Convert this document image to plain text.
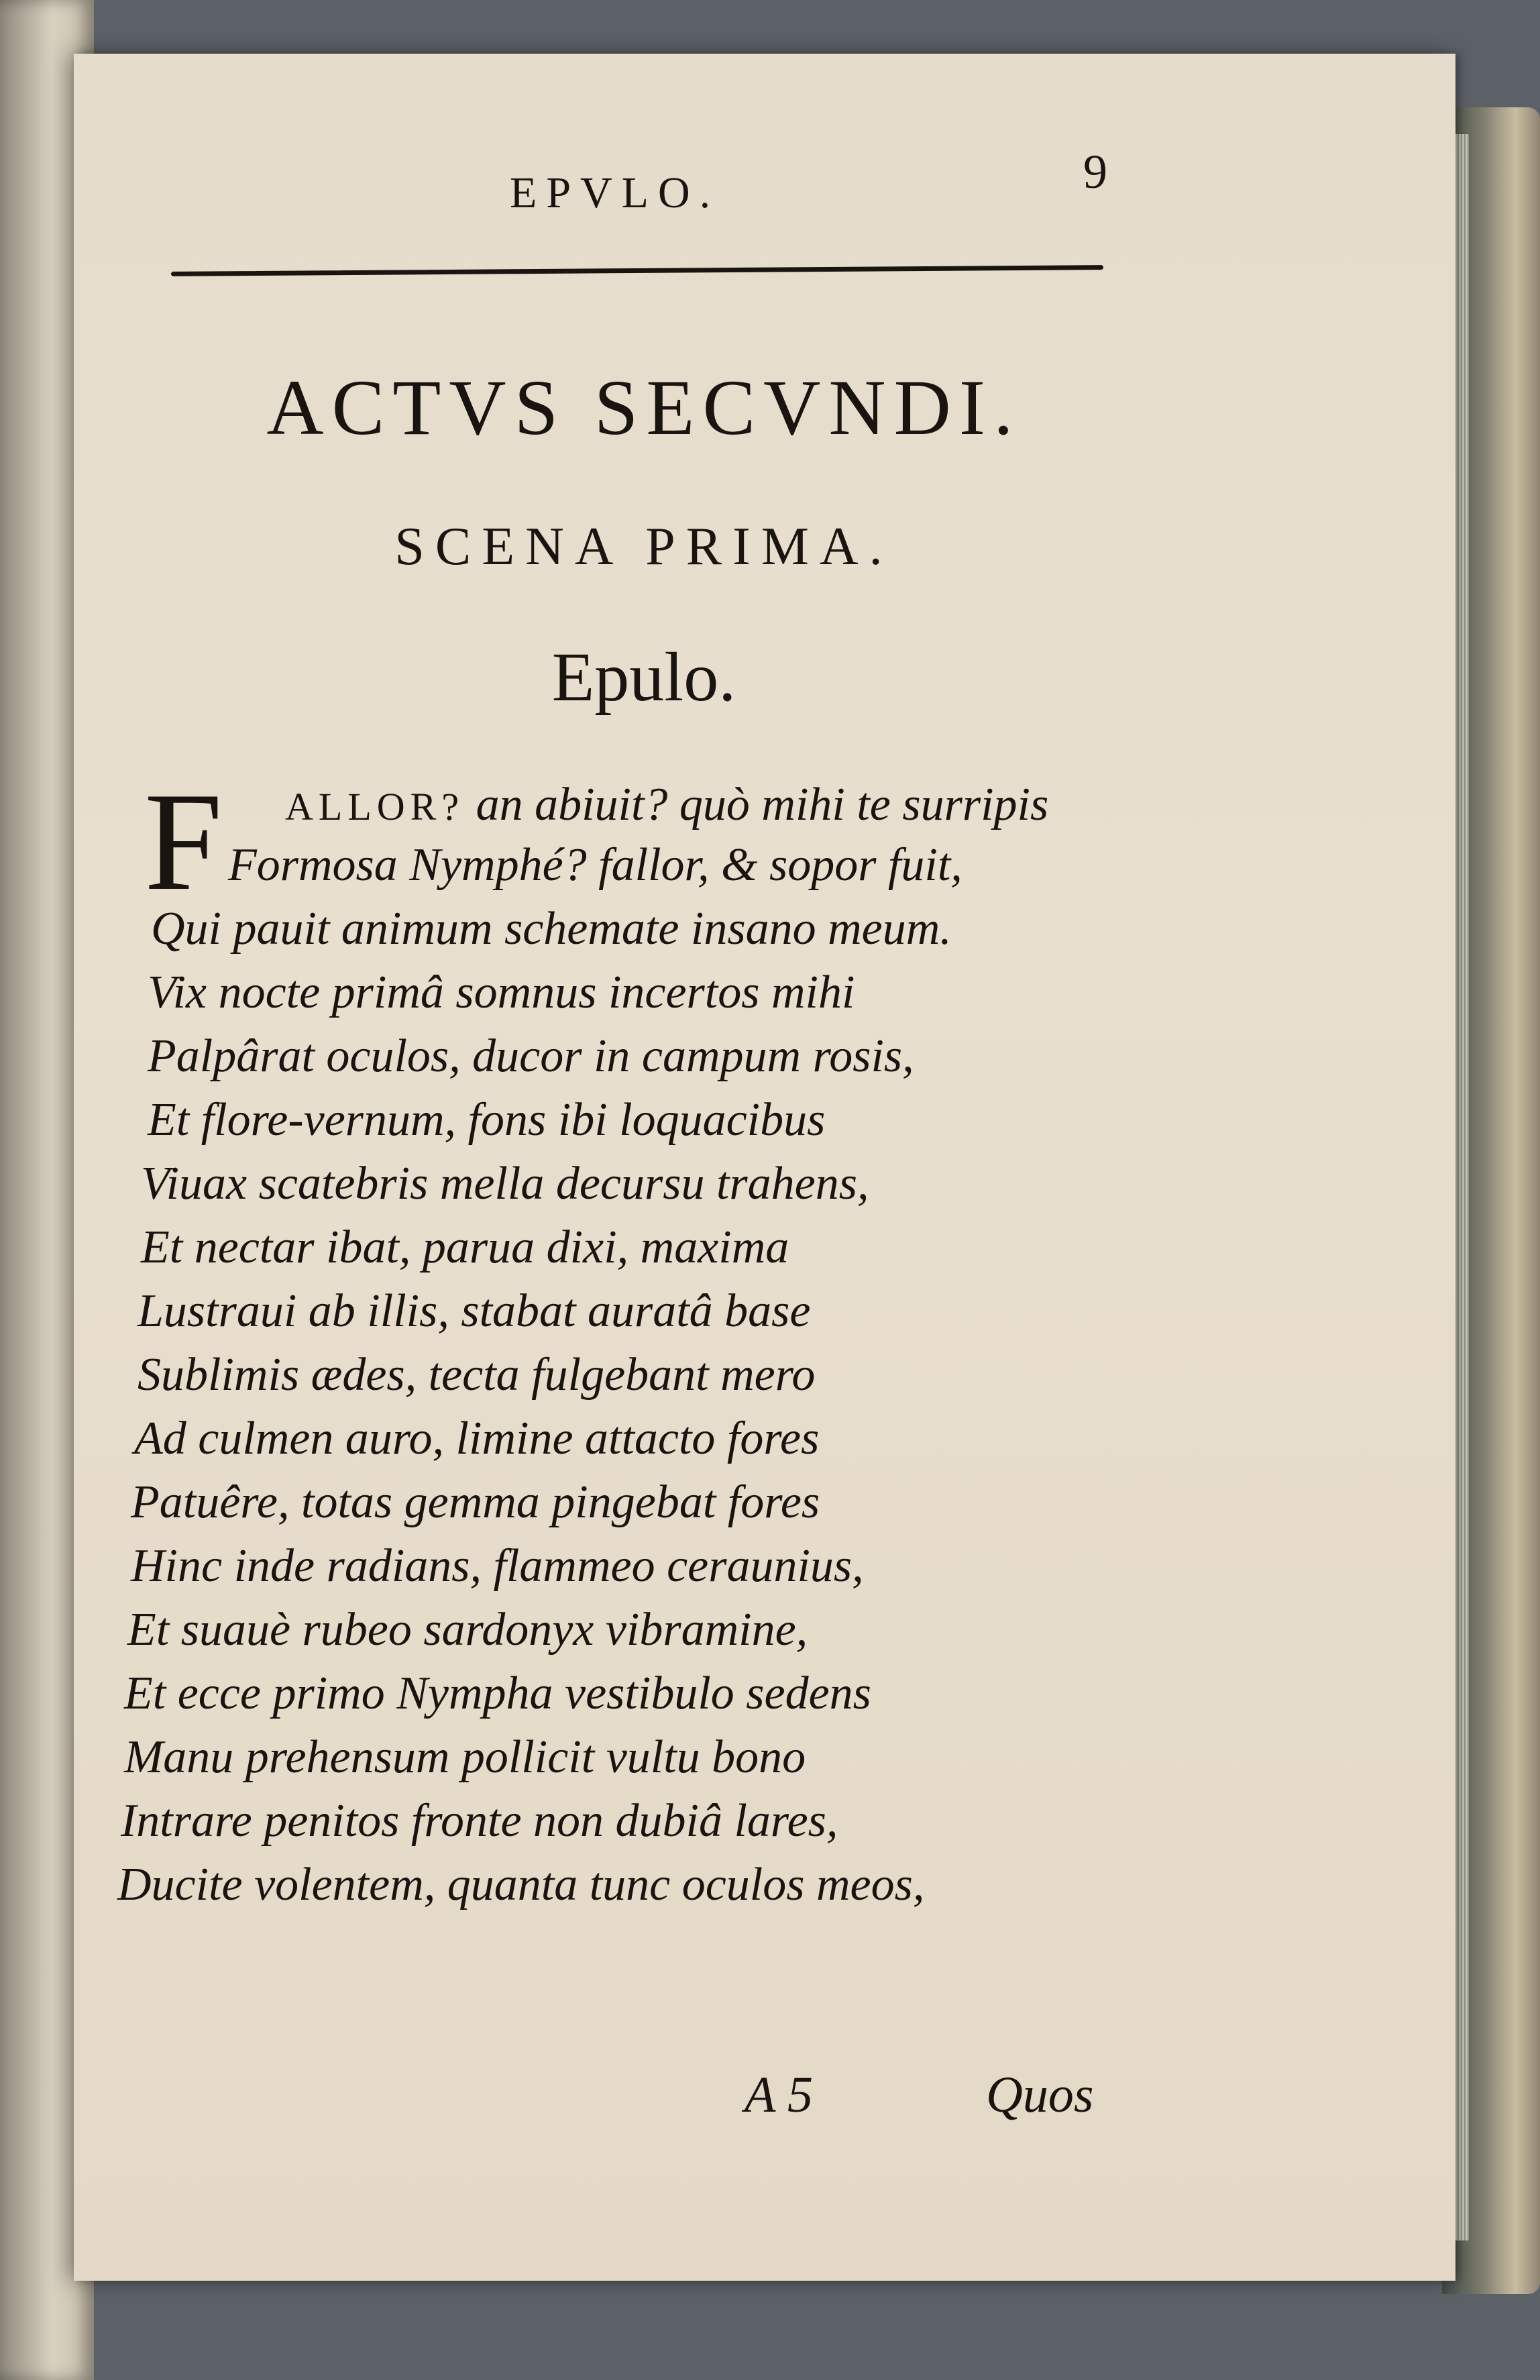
EPVLO.	9
ACTVS SECVNDI.
SCENA PRIMA.
Epulo.
F ALLOR? an abiuit? quò mihi te surripis
Formosa Nymphé? fallor, & sopor fuit,
Qui pauit animum schemate insano meum.
Vix nocte primâ somnus incertos mihi
Palpârat oculos, ducor in campum rosis,
Et flore-vernum, fons ibi loquacibus
Viuax scatebris mella decursu trahens,
Et nectar ibat, parua dixi, maxima
Lustraui ab illis, stabat auratâ base
Sublimis ædes, tecta fulgebant mero
Ad culmen auro, limine attacto fores
Patuêre, totas gemma pingebat fores
Hinc inde radians, flammeo ceraunius,
Et suauè rubeo sardonyx vibramine,
Et ecce primo Nympha vestibulo sedens
Manu prehensum pollicit vultu bono
Intrare penitos fronte non dubiâ lares,
Ducite volentem, quanta tunc oculos meos,
A 5	Quos
